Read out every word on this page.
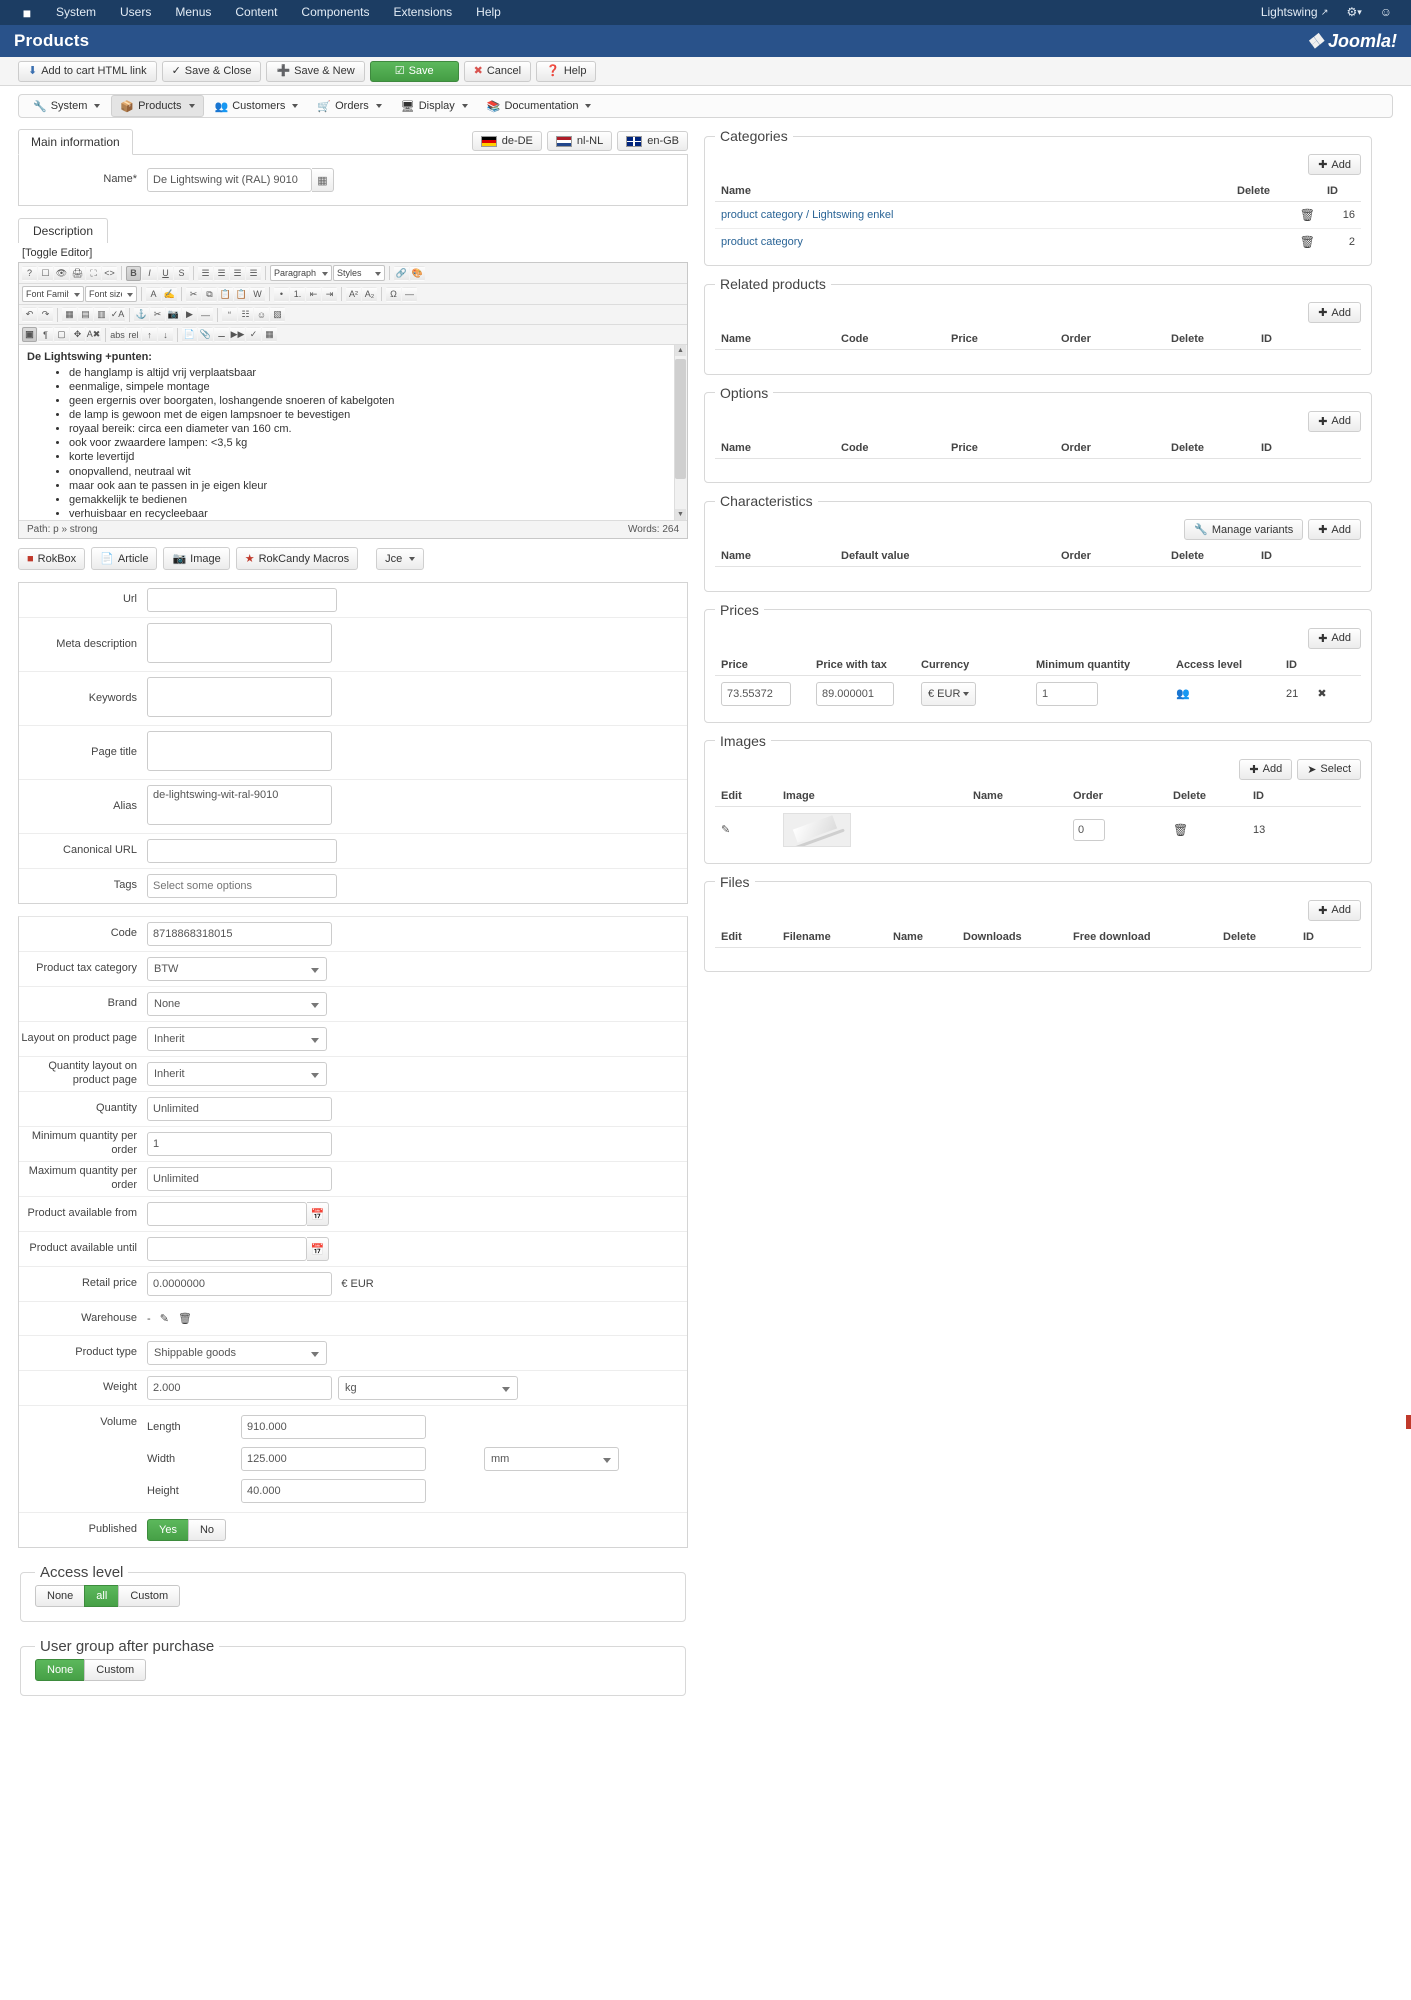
■	System	Users	Menus	Content	Components	Extensions	Help	Lightswing ↗	⚙▾	☺
Products	❖ Joomla!
⬇ Add to cart HTML link ✓ Save & Close ➕ Save & New	☑ Save	✖ Cancel ❓ Help
🔧 System	📦 Products	👥 Customers	🛒 Orders	🖥 Display	📚 Documentation
Main information	de-DE	nl-NL	en-GB
Name *
De Lightswing wit (RAL) 9010	▦
Description
[Toggle Editor]
?	☐ 👁 🖨 ⛶ <>	B	I U	S	☰ ☰ ☰ ☰
Paragraph
Styles	🔗 🎨
Font Family
Font size
A ✍	✂	⧉ 📋 📋 W	•	1. ⇤ ⇥	A² A₂	Ω —
↶ ↷	▦ ▤ ▥ ✓A ⚓ ✂ 📷 ▶ ―	“	☷ ☺ ▧
▣	¶	▢ ✥ A✖ abs rel ↑	↓	📄 📎 ⚊ ▶▶ ✓ ▦
De Lightswing +punten:
• de hanglamp is altijd vrij verplaatsbaar
• eenmalige, simpele montage
• geen ergernis over boorgaten, loshangende snoeren of kabelgoten
• de lamp is gewoon met de eigen lampsnoer te bevestigen
• royaal bereik: circa een diameter van 160 cm.
• ook voor zwaardere lampen: <3,5 kg
• korte levertijd
• onopvallend, neutraal wit
• maar ook aan te passen in je eigen kleur
• gemakkelijk te bedienen
• verhuisbaar en recycleebaar
▲
▼
Path: p » strong	Words: 264
■ RokBox 📄 Article 📷 Image ★ RokCandy Macros	Jce
Url
Meta description
Keywords
Page title
Alias
de-lightswing-wit-ral-9010
Canonical URL
Tags
Select some options
Code
8718868318015
Product tax category
BTW
Brand
None
Layout on product page
Inherit
Quantity layout on product page
Inherit
Quantity
Unlimited
Minimum quantity per order
1
Maximum quantity per order
Unlimited
Product available from	📅
Product available until	📅
Retail price
0.0000000	€ EUR
Warehouse - ✎ 🗑
Product type
Shippable goods
Weight
2.000
kg
Volume Length
910.000
Width
125.000
mm
Height
40.000
Published	Yes	No
Access level
None	all	Custom
User group after purchase
None	Custom
Categories
✚ Add
Name	Delete	ID
product category / Lightswing enkel	🗑	16
product category	🗑	2
Related products
✚ Add
Name	Code	Price	Order	Delete	ID

Options
✚ Add
Name	Code	Price	Order	Delete	ID

Characteristics
🔧 Manage variants ✚ Add
Name	Default value	Order	Delete	ID

Prices
✚ Add
Price	Price with tax	Currency	Minimum quantity	Access level	ID
73.55372	89.000001	
€ EUR
	1	👥	21 ✖
Images
✚ Add ➤ Select
Edit	Image	Name	Order	Delete	ID
✎	
		0	🗑	13
Files
✚ Add
Edit	Filename	Name	Downloads	Free download	Delete	ID
